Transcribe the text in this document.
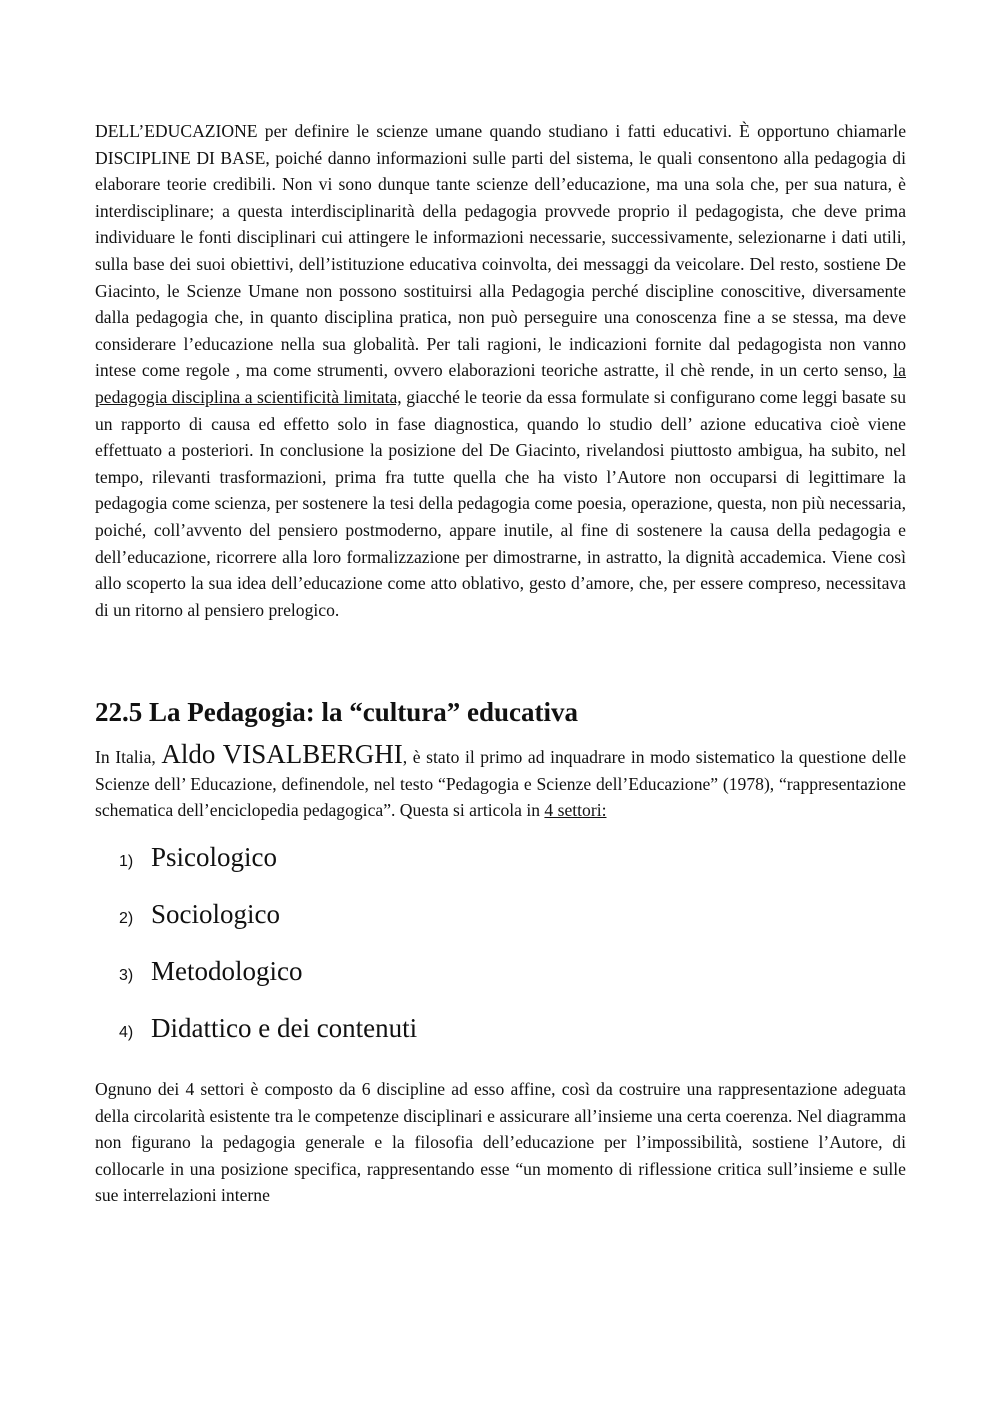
DELL’EDUCAZIONE per definire le scienze umane quando studiano i fatti educativi. È opportuno chiamarle DISCIPLINE DI BASE, poiché danno informazioni sulle parti del sistema, le quali consentono alla pedagogia di elaborare teorie credibili. Non vi sono dunque tante scienze dell’educazione, ma una sola che, per sua natura, è interdisciplinare; a questa interdisciplinarità della pedagogia provvede proprio il pedagogista, che deve prima individuare le fonti disciplinari cui attingere le informazioni necessarie, successivamente, selezionarne i dati utili, sulla base dei suoi obiettivi, dell’istituzione educativa coinvolta, dei messaggi da veicolare. Del resto, sostiene De Giacinto, le Scienze Umane non possono sostituirsi alla Pedagogia perché discipline conoscitive, diversamente dalla pedagogia che, in quanto disciplina pratica, non può perseguire una conoscenza fine a se stessa, ma deve considerare l’educazione nella sua globalità. Per tali ragioni, le indicazioni fornite dal pedagogista non vanno intese come regole , ma come strumenti, ovvero elaborazioni teoriche astratte, il chè rende, in un certo senso, la pedagogia disciplina a scientificità limitata, giacché le teorie da essa formulate si configurano come leggi basate su un rapporto di causa ed effetto solo in fase diagnostica, quando lo studio dell’ azione educativa cioè viene effettuato a posteriori. In conclusione la posizione del De Giacinto, rivelandosi piuttosto ambigua, ha subito, nel tempo, rilevanti trasformazioni, prima fra tutte quella che ha visto l’Autore non occuparsi di legittimare la pedagogia come scienza, per sostenere la tesi della pedagogia come poesia, operazione, questa, non più necessaria, poiché, coll’avvento del pensiero postmoderno, appare inutile, al fine di sostenere la causa della pedagogia e dell’educazione, ricorrere alla loro formalizzazione per dimostrarne, in astratto, la dignità accademica. Viene così allo scoperto la sua idea dell’educazione come atto oblativo, gesto d’amore, che, per essere compreso, necessitava di un ritorno al pensiero prelogico.

22.5 La Pedagogia: la “cultura” educativa

In Italia, Aldo VISALBERGHI, è stato il primo ad inquadrare in modo sistematico la questione delle Scienze dell’ Educazione, definendole, nel testo “Pedagogia e Scienze dell’Educazione” (1978), “rappresentazione schematica dell’enciclopedia pedagogica”. Questa si articola in 4 settori:

1) Psicologico
2) Sociologico
3) Metodologico
4) Didattico e dei contenuti

Ognuno dei 4 settori è composto da 6 discipline ad esso affine, così da costruire una rappresentazione adeguata della circolarità esistente tra le competenze disciplinari e assicurare all’insieme una certa coerenza. Nel diagramma non figurano la pedagogia generale e la filosofia dell’educazione per l’impossibilità, sostiene l’Autore, di collocarle in una posizione specifica, rappresentando esse “un momento di riflessione critica sull’insieme e sulle sue interrelazioni interne
